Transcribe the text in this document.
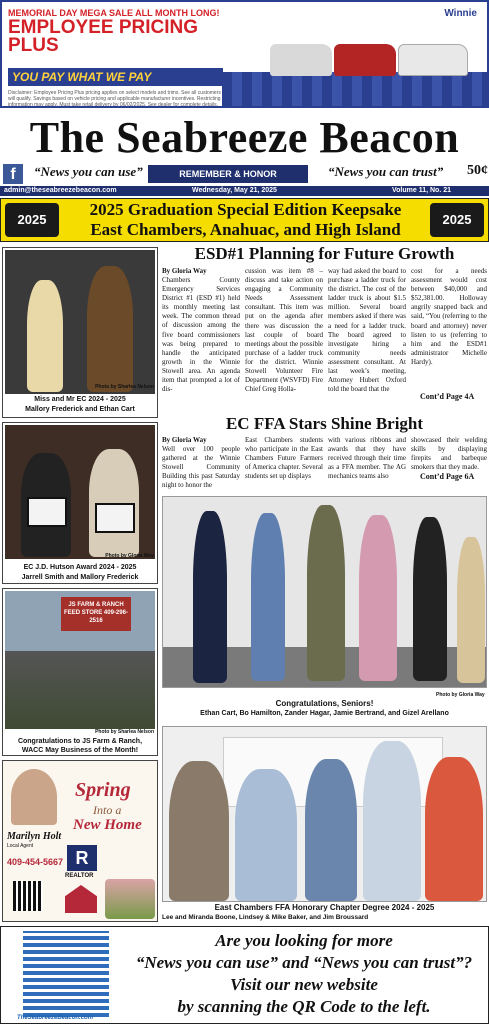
MEMORIAL DAY MEGA SALE ALL MONTH LONG!
EMPLOYEE PRICING PLUS
YOU PAY WHAT WE PAY
Disclaimer: Employee Pricing Plus pricing applies on select models and trims. See all customers will qualify. Savings based on vehicle pricing and applicable manufacturer incentives. Restricting information may apply. Must take retail delivery by 06/02/2025. See dealer for complete details.
Winnie
The Seabreeze Beacon
f	“News you can use”	REMEMBER & HONOR	“News you can trust” 50¢
admin@theseabreezebeacon.com	Wednesday, May 21, 2025	Volume 11, No. 21
2025	2025
2025 Graduation Special Edition Keepsake
East Chambers, Anahuac, and High Island
Photo by Sharlea Nelson
Miss and Mr EC 2024 - 2025
Mallory Frederick and Ethan Cart
Photo by Gloria Way
EC J.D. Hutson Award 2024 - 2025
Jarrell Smith and Mallory Frederick
JS FARM & RANCH FEED STORE 409-296-2516
Photo by Sharlea Nelson
Congratulations to JS Farm & Ranch,
WACC May Business of the Month!
Spring
Into a
New Home
Marilyn Holt
Local Agent
409-454-5667 R
REALTOR
ESD#1 Planning for Future Growth
By Gloria Way
Chambers County Emergency Services District #1 (ESD #1) held its monthly meeting last week. The common thread of discussion among the five board commissioners was being prepared to handle the anticipated growth in the Winnie Stowell area. An agenda item that prompted a lot of dis-
cussion was item #8 – discuss and take action on engaging a Community Needs Assessment consultant. This item was put on the agenda after there was discussion the last couple of board meetings about the possible purchase of a ladder truck for the district. Winnie Stowell Volunteer Fire Department (WSVFD) Fire Chief Greg Holla-
way had asked the board to purchase a ladder truck for the district. The cost of the ladder truck is about $1.5 million. Several board members asked if there was a need for a ladder truck. The board agreed to investigate hiring a community needs assessment consultant. At last week’s meeting, Attorney Hubert Oxford told the board that the
cost for a needs assessment would cost between $40,000 and $52,381.00. Holloway angrily snapped back and said, “You (referring to the board and attorney) never listen to us (referring to him and the ESD#1 administrator Michelle Hardy).
Cont’d Page 4A
EC FFA Stars Shine Bright
By Gloria Way
Well over 100 people gathered at the Winnie Stowell Community Building this past Saturday night to honor the
East Chambers students who participate in the East Chambers Future Farmers of America chapter. Several students set up displays
with various ribbons and awards that they have received through their time as a FFA member. The AG mechanics teams also
showcased their welding skills by displaying firepits and barbeque smokers that they made.
Cont’d Page 6A
Photo by Gloria Way
Congratulations, Seniors!
Ethan Cart, Bo Hamilton, Zander Hagar, Jamie Bertrand, and Gizel Arellano
East Chambers FFA Honorary Chapter Degree 2024 - 2025
Lee and Miranda Boone, Lindsey & Mike Baker, and Jim Broussard
TheSeabreezeBeacon.com
Are you looking for more
“News you can use” and “News you can trust”?
Visit our new website
by scanning the QR Code to the left.
